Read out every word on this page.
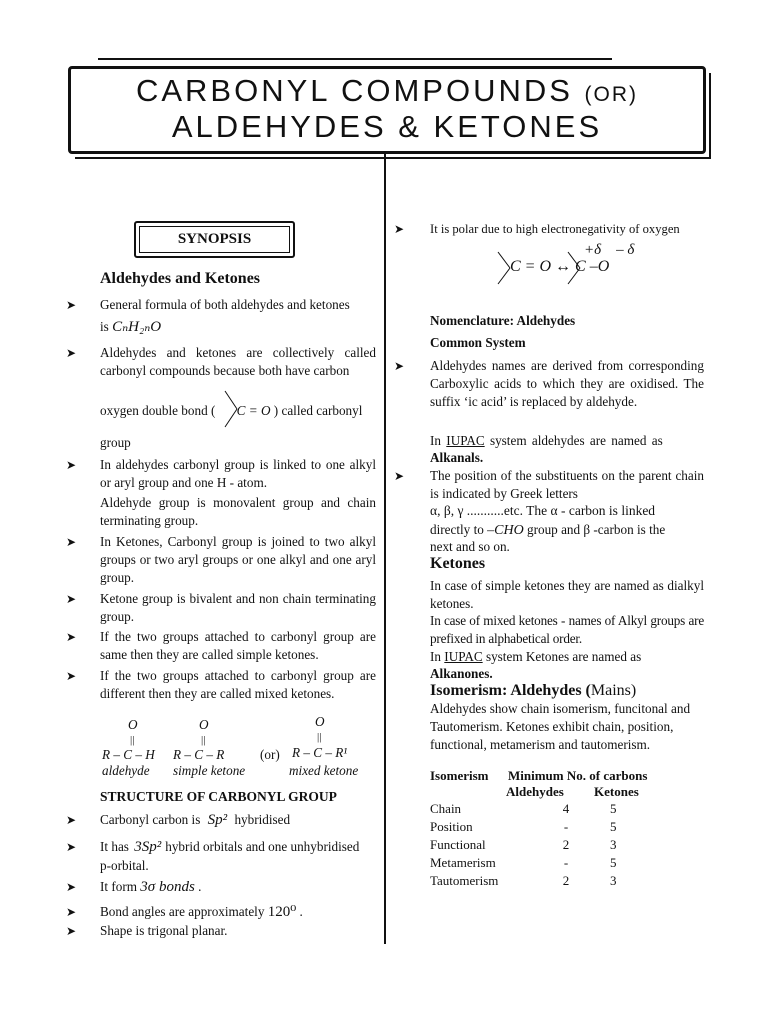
CARBONYL COMPOUNDS (OR)
ALDEHYDES & KETONES
SYNOPSIS
Aldehydes and Ketones
➤ General formula of both aldehydes and ketones
is CₙH₂ₙO
➤ Aldehydes and ketones are collectively called carbonyl compounds because both have carbon
oxygen double bond ( C = O ) called carbonyl
group
➤ In aldehydes carbonyl group is linked to one alkyl or aryl group and one H - atom.
Aldehyde group is monovalent group and chain terminating group.
➤ In Ketones, Carbonyl group is joined to two alkyl groups or two aryl groups or one alkyl and one aryl group.
➤ Ketone group is bivalent and non chain terminating group.
➤ If the two groups attached to carbonyl group are same then they are called simple ketones.
➤ If the two groups attached to carbonyl group are different then they are called mixed ketones.
O	O	O
||	||	||
R – C – H R – C – R	(or) R – C – R¹
aldehyde simple ketone	mixed ketone
STRUCTURE OF CARBONYL GROUP
➤ Carbonyl carbon is Sp² hybridised
➤ It has 3Sp² hybrid orbitals and one unhybridised
p-orbital.
➤ It form 3σ bonds .
➤ Bond angles are approximately 120⁰ .
➤ Shape is trigonal planar.
➤	It is polar due to high electronegativity of oxygen
+δ    – δ
C = O ↔ C –O
Nomenclature: Aldehydes
Common System
➤ Aldehydes names are derived from corresponding Carboxylic acids to which they are oxidised. The suffix ‘ic acid’ is replaced by aldehyde.
In IUPAC system aldehydes are named as
Alkanals.
➤ The position of the substituents on the parent chain is indicated by Greek letters
α, β, γ ...........etc. The α - carbon is linked
directly to –CHO group and β -carbon is the
next and so on.
Ketones
In case of simple ketones they are named as dialkyl ketones.
In case of mixed ketones - names of Alkyl groups are prefixed in alphabetical order.
In IUPAC system Ketones are named as
Alkanones.
Isomerism: Aldehydes (Mains)
Aldehydes show chain isomerism, funcitonal and Tautomerism. Ketones exhibit chain, position, functional, metamerism and tautomerism.
Isomerism Minimum No. of carbons
Aldehydes Ketones
Chain	4	5
Position	-	5
Functional	2	3
Metamerism	-	5
Tautomerism	2	3
